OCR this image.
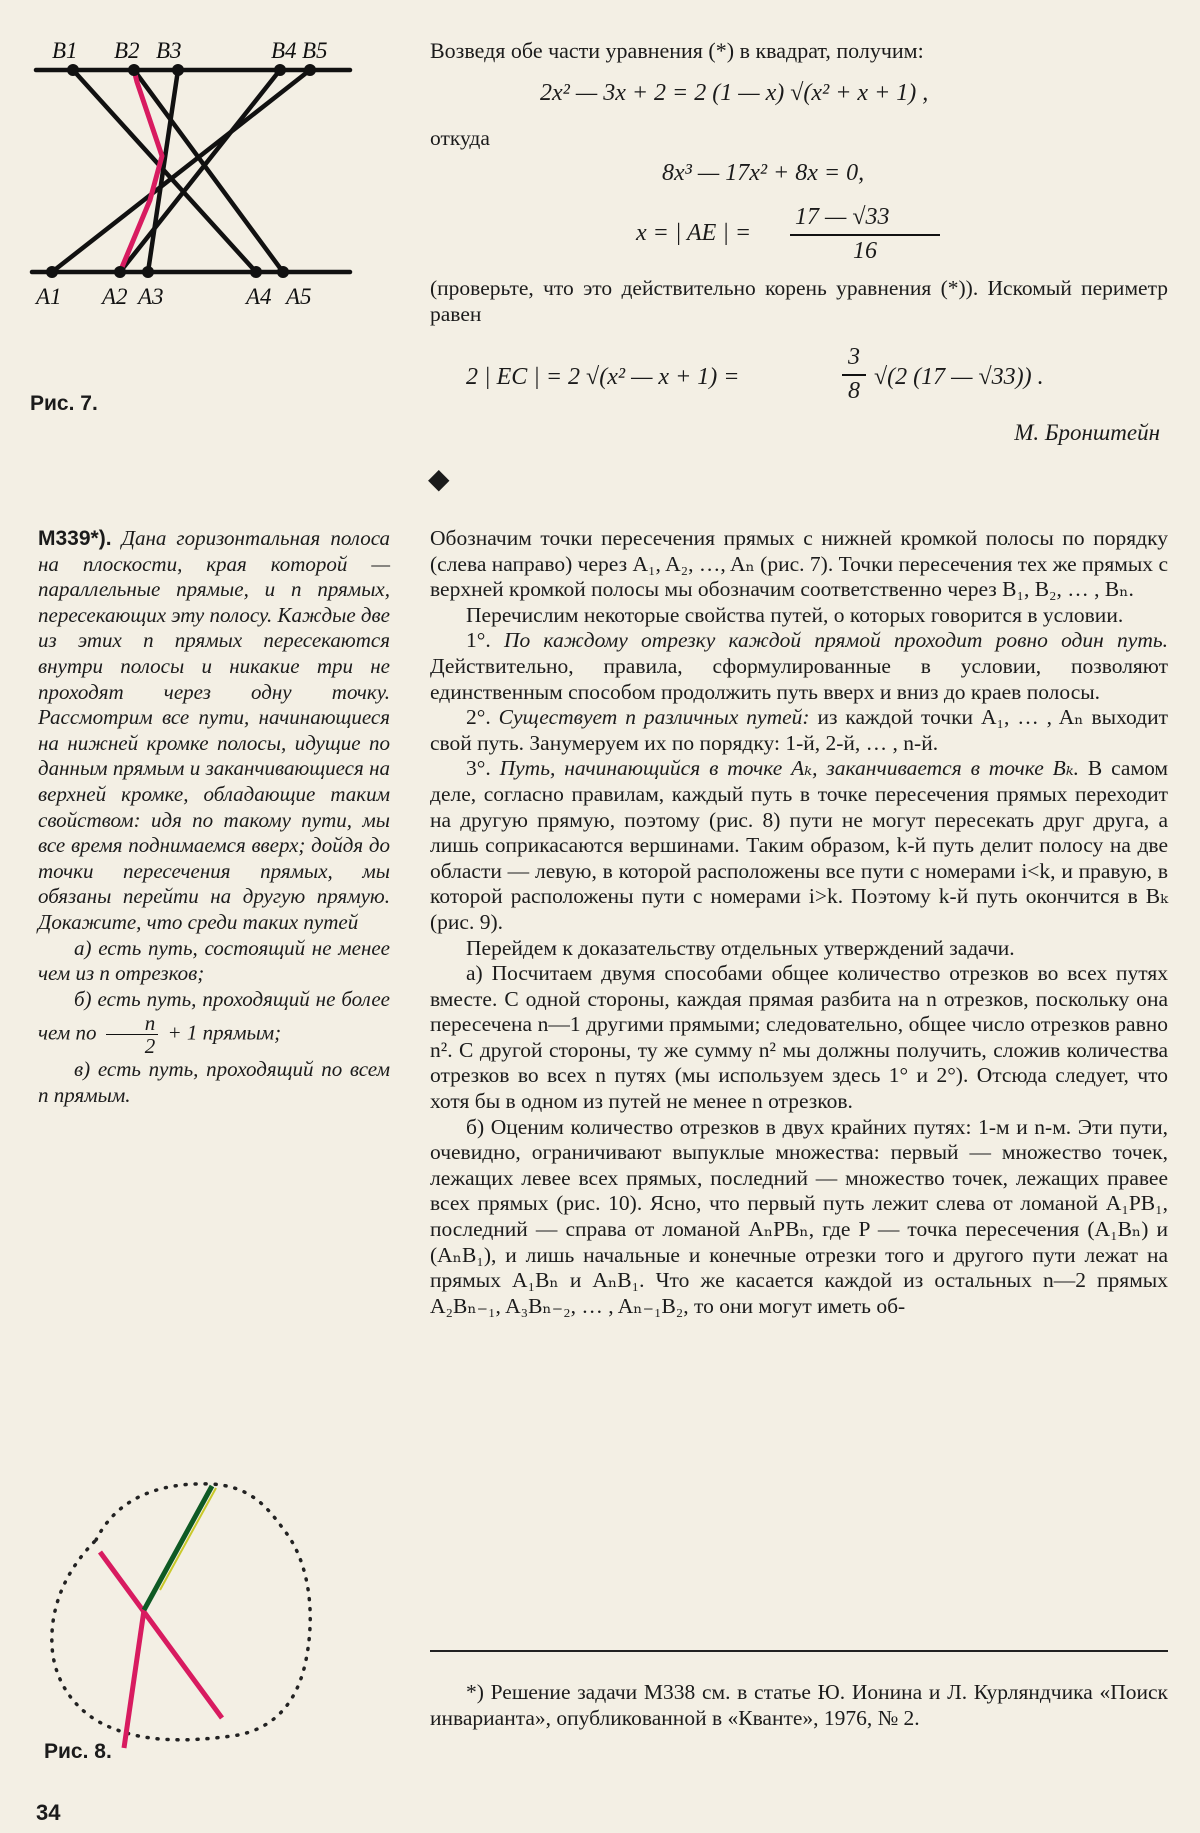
B1 B2 B3	B4 B5
A1 A2 A3	A4 A5
Рис. 7.
Возведя обе части уравнения (*) в квадрат, получим:
2x² — 3x + 2 = 2 (1 — x) √(x² + x + 1) ,
откуда
8x³ — 17x² + 8x = 0,
x = | AE | =
17 — √33
16
(проверьте, что это действительно корень уравнения (*)). Искомый периметр равен
2 | EC | = 2 √(x² — x + 1) =
3
8
√(2 (17 — √33)) .
М. Бронштейн
◆

М339*). Дана горизонтальная полоса на плоскости, края которой — параллельные прямые, и n прямых, пересекающих эту полосу. Каждые две из этих n прямых пересекаются внутри полосы и никакие три не проходят через одну точку. Рассмотрим все пути, начинающиеся на нижней кромке полосы, идущие по данным прямым и заканчивающиеся на верхней кромке, обладающие таким свойством: идя по такому пути, мы все время поднимаемся вверх; дойдя до точки пересечения прямых, мы обязаны перейти на другую прямую. Докажите, что среди таких путей

а) есть путь, состоящий не менее чем из n отрезков;

б) есть путь, проходящий не более чем по $\frac{n}{2} + 1$ прямым;

в) есть путь, проходящий по всем n прямым.

Обозначим точки пересечения прямых с нижней кромкой полосы по порядку (слева направо) через A₁, A₂, …, Aₙ (рис. 7). Точки пересечения тех же прямых с верхней кромкой полосы мы обозначим соответственно через B₁, B₂, … , Bₙ.

Перечислим некоторые свойства путей, о которых говорится в условии.

1°. По каждому отрезку каждой прямой проходит ровно один путь. Действительно, правила, сформулированные в условии, позволяют единственным способом продолжить путь вверх и вниз до краев полосы.

2°. Существует n различных путей: из каждой точки A₁, … , Aₙ выходит свой путь. Занумеруем их по порядку: 1-й, 2-й, … , n-й.

3°. Путь, начинающийся в точке Aₖ, заканчивается в точке Bₖ. В самом деле, согласно правилам, каждый путь в точке пересечения прямых переходит на другую прямую, поэтому (рис. 8) пути не могут пересекать друг друга, а лишь соприкасаются вершинами. Таким образом, k-й путь делит полосу на две области — левую, в которой расположены все пути с номерами i<k, и правую, в которой расположены пути с номерами i>k. Поэтому k-й путь окончится в Bₖ (рис. 9).

Перейдем к доказательству отдельных утверждений задачи.

а) Посчитаем двумя способами общее количество отрезков во всех путях вместе. С одной стороны, каждая прямая разбита на n отрезков, поскольку она пересечена n—1 другими прямыми; следовательно, общее число отрезков равно n². С другой стороны, ту же сумму n² мы должны получить, сложив количества отрезков во всех n путях (мы используем здесь 1° и 2°). Отсюда следует, что хотя бы в одном из путей не менее n отрезков.

б) Оценим количество отрезков в двух крайних путях: 1-м и n-м. Эти пути, очевидно, ограничивают выпуклые множества: первый — множество точек, лежащих левее всех прямых, последний — множество точек, лежащих правее всех прямых (рис. 10). Ясно, что первый путь лежит слева от ломаной A₁PB₁, последний — справа от ломаной AₙPBₙ, где P — точка пересечения (A₁Bₙ) и (AₙB₁), и лишь начальные и конечные отрезки того и другого пути лежат на прямых A₁Bₙ и AₙB₁. Что же касается каждой из остальных n—2 прямых A₂Bₙ₋₁, A₃Bₙ₋₂, … , Aₙ₋₁B₂, то они могут иметь об-

Рис. 8.
*) Решение задачи М338 см. в статье Ю. Ионина и Л. Курляндчика «Поиск инварианта», опубликованной в «Кванте», 1976, № 2.
34
